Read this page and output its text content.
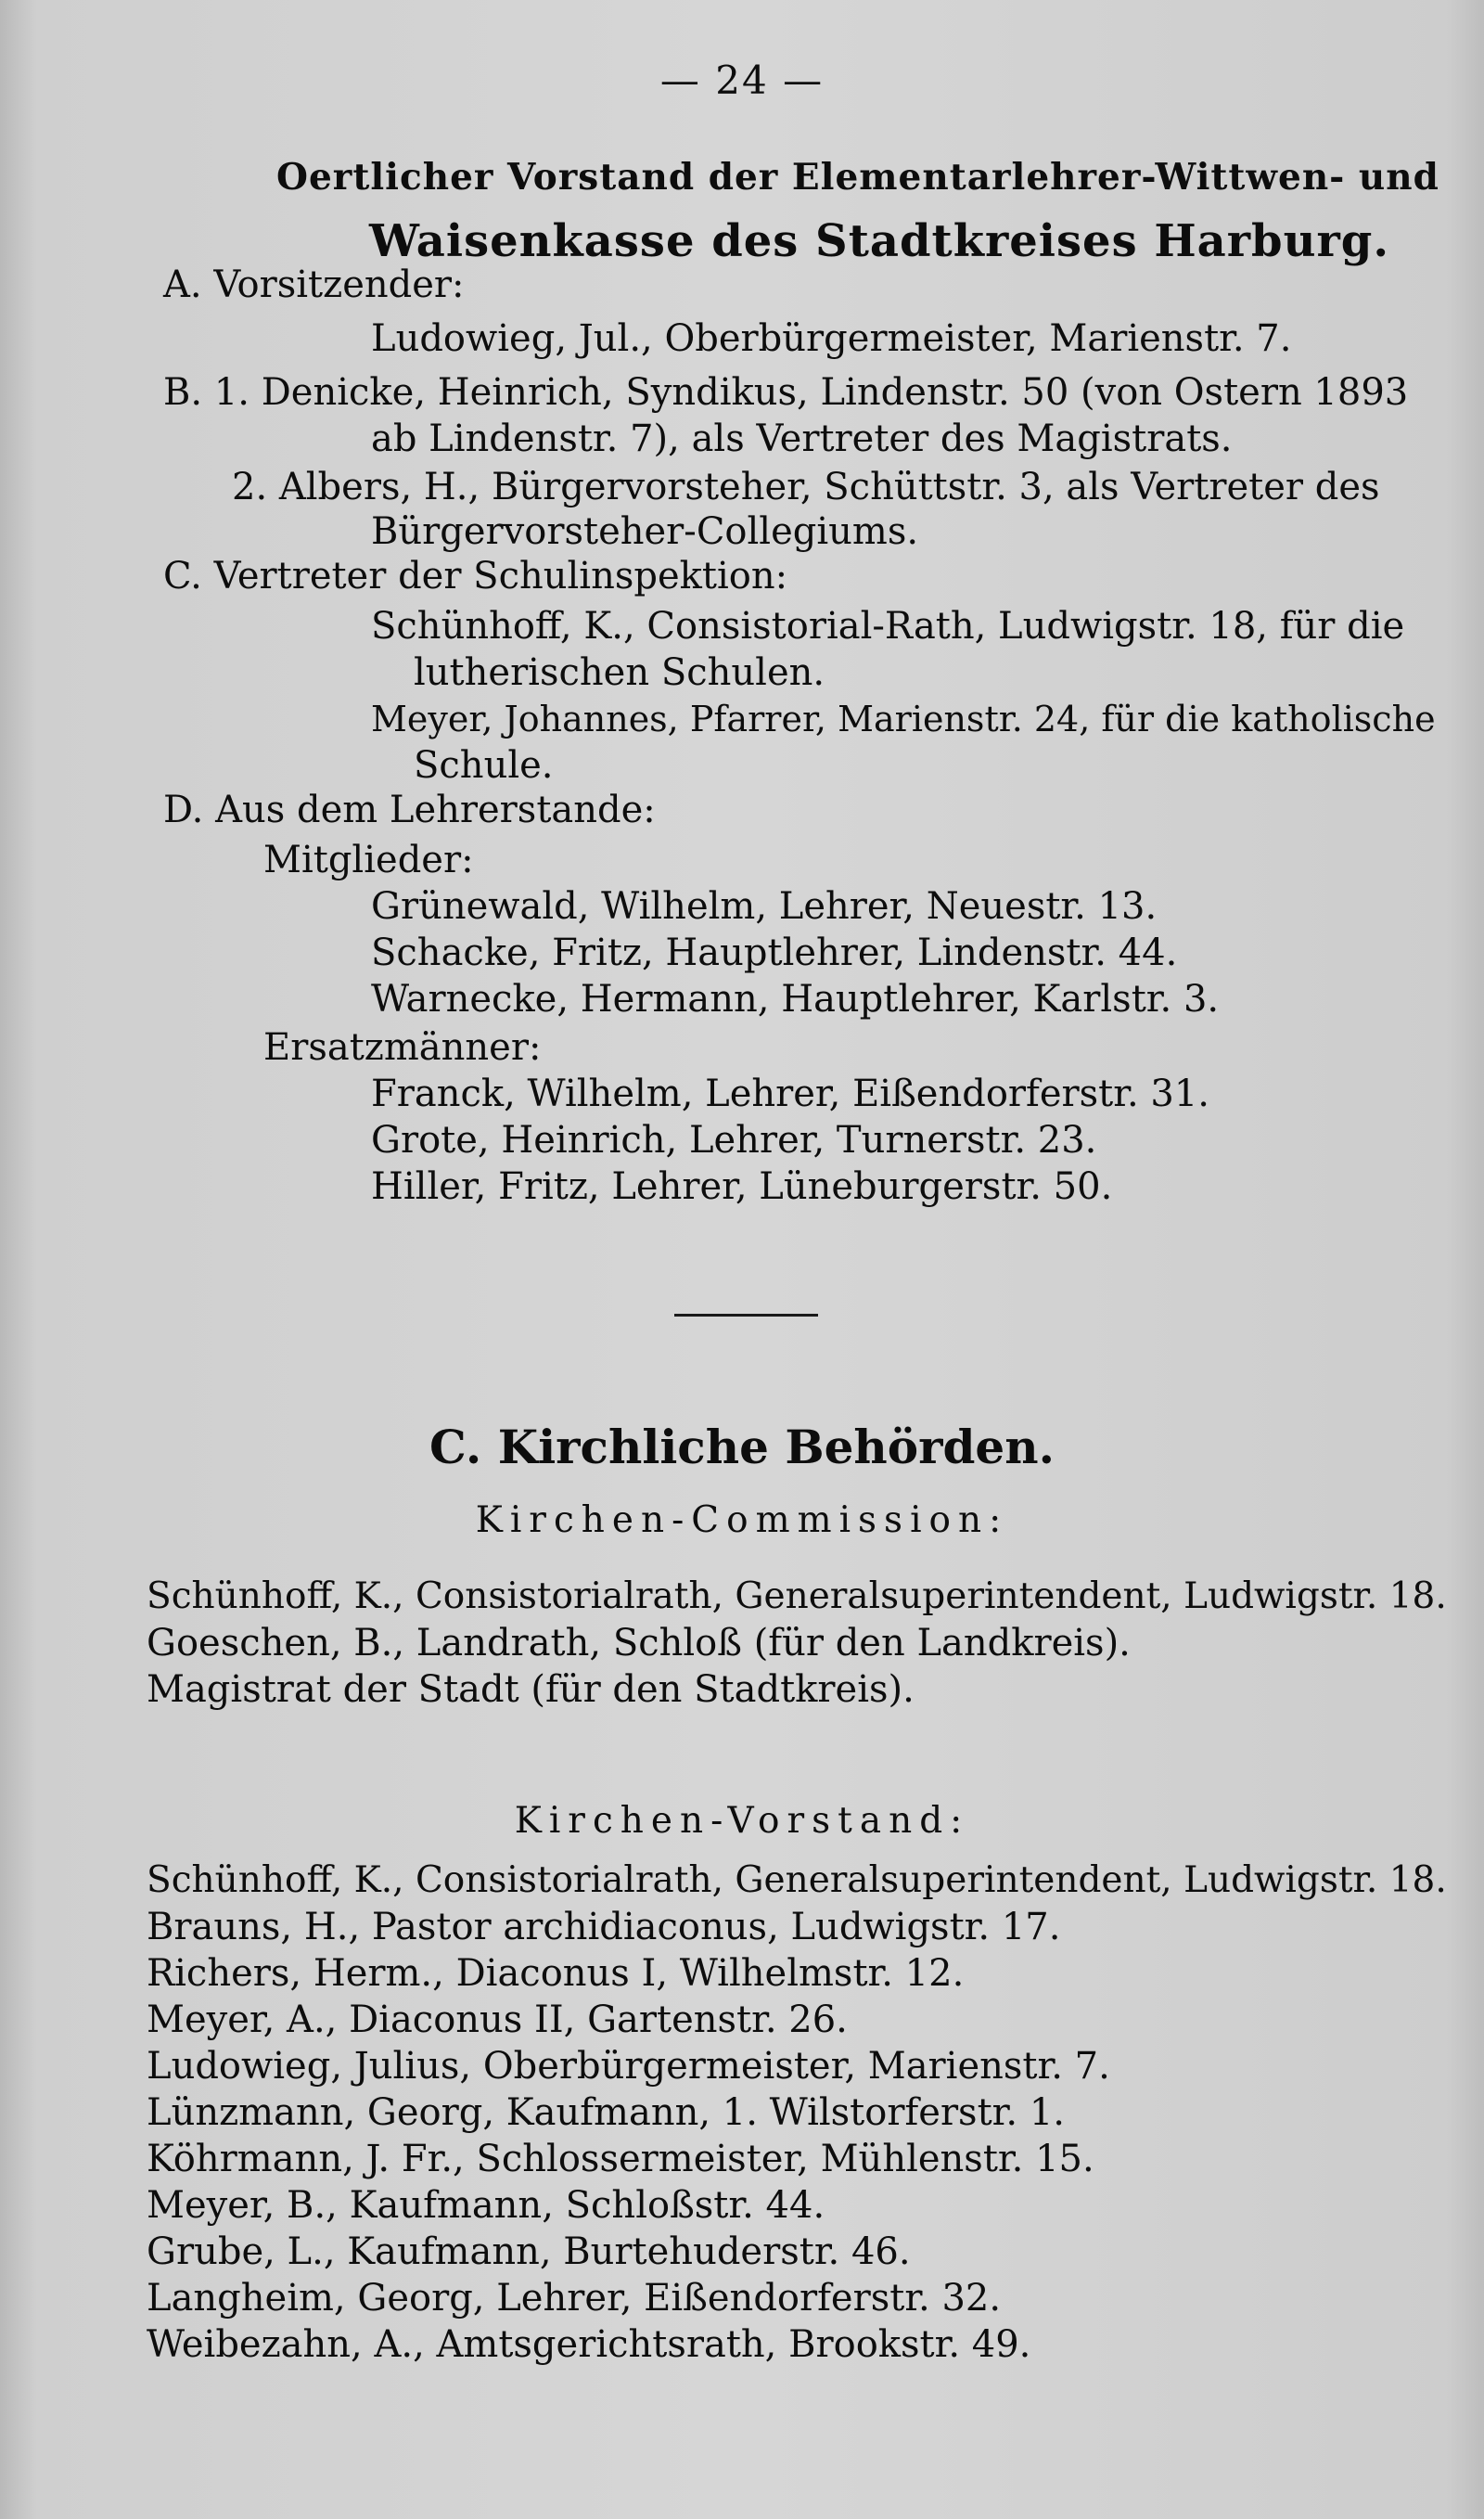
— 24 —
Oertlicher Vorstand der Elementarlehrer-Wittwen- und
Waisenkasse des Stadtkreises Harburg.
A. Vorsitzender:
Ludowieg, Jul., Oberbürgermeister, Marienstr. 7.
B. 1. Denicke, Heinrich, Syndikus, Lindenstr. 50 (von Ostern 1893
ab Lindenstr. 7), als Vertreter des Magistrats.
2. Albers, H., Bürgervorsteher, Schüttstr. 3, als Vertreter des
Bürgervorsteher-Collegiums.
C. Vertreter der Schulinspektion:
Schünhoff, K., Consistorial-Rath, Ludwigstr. 18, für die
lutherischen Schulen.
Meyer, Johannes, Pfarrer, Marienstr. 24, für die katholische
Schule.
D. Aus dem Lehrerstande:
Mitglieder:
Grünewald, Wilhelm, Lehrer, Neuestr. 13.
Schacke, Fritz, Hauptlehrer, Lindenstr. 44.
Warnecke, Hermann, Hauptlehrer, Karlstr. 3.
Ersatzmänner:
Franck, Wilhelm, Lehrer, Eißendorferstr. 31.
Grote, Heinrich, Lehrer, Turnerstr. 23.
Hiller, Fritz, Lehrer, Lüneburgerstr. 50.
C. Kirchliche Behörden.
Kirchen-Commission:
Schünhoff, K., Consistorialrath, Generalsuperintendent, Ludwigstr. 18.
Goeschen, B., Landrath, Schloß (für den Landkreis).
Magistrat der Stadt (für den Stadtkreis).
Kirchen-Vorstand:
Schünhoff, K., Consistorialrath, Generalsuperintendent, Ludwigstr. 18.
Brauns, H., Pastor archidiaconus, Ludwigstr. 17.
Richers, Herm., Diaconus I, Wilhelmstr. 12.
Meyer, A., Diaconus II, Gartenstr. 26.
Ludowieg, Julius, Oberbürgermeister, Marienstr. 7.
Lünzmann, Georg, Kaufmann, 1. Wilstorferstr. 1.
Köhrmann, J. Fr., Schlossermeister, Mühlenstr. 15.
Meyer, B., Kaufmann, Schloßstr. 44.
Grube, L., Kaufmann, Burtehuderstr. 46.
Langheim, Georg, Lehrer, Eißendorferstr. 32.
Weibezahn, A., Amtsgerichtsrath, Brookstr. 49.
